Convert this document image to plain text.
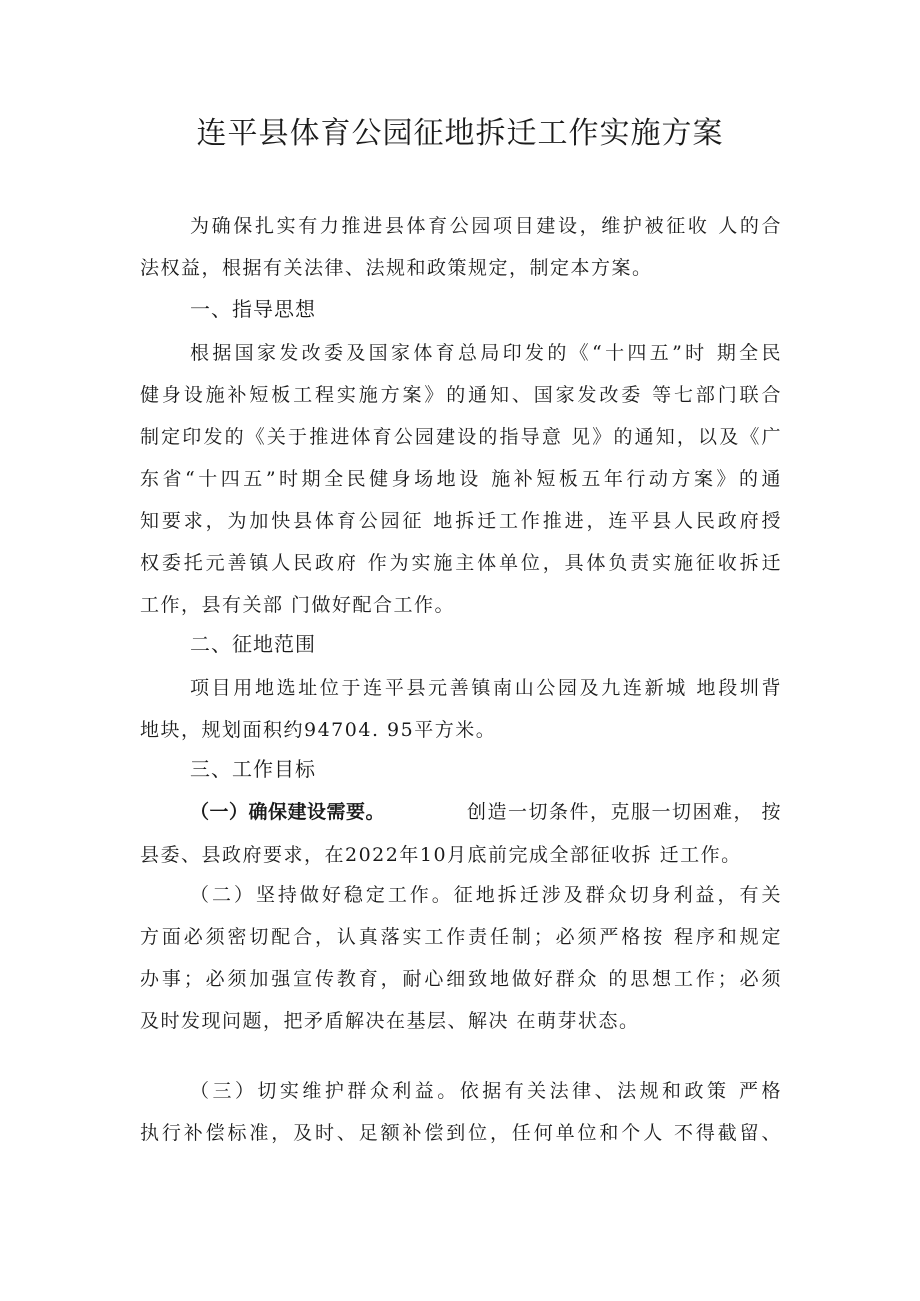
连平县体育公园征地拆迁工作实施方案

为确保扎实有力推进县体育公园项目建设，维护被征收 人的合

法权益，根据有关法律、法规和政策规定，制定本方案。

一、指导思想

根据国家发改委及国家体育总局印发的《“十四五”时 期全民

健身设施补短板工程实施方案》的通知、国家发改委 等七部门联合

制定印发的《关于推进体育公园建设的指导意 见》的通知，以及《广

东省“十四五”时期全民健身场地设 施补短板五年行动方案》的通

知要求，为加快县体育公园征 地拆迁工作推进，连平县人民政府授

权委托元善镇人民政府 作为实施主体单位，具体负责实施征收拆迁

工作，县有关部 门做好配合工作。

二、征地范围

项目用地选址位于连平县元善镇南山公园及九连新城 地段圳背

地块，规划面积约94704. 95平方米。

三、工作目标

（一）确保建设需要。	创造一切条件，克服一切困难， 按

县委、县政府要求，在2022年10月底前完成全部征收拆 迁工作。

（二）坚持做好稳定工作。征地拆迁涉及群众切身利益，有关

方面必须密切配合，认真落实工作责任制；必须严格按 程序和规定

办事；必须加强宣传教育，耐心细致地做好群众 的思想工作；必须

及时发现问题，把矛盾解决在基层、解决 在萌芽状态。

（三）切实维护群众利益。依据有关法律、法规和政策 严格

执行补偿标准，及时、足额补偿到位，任何单位和个人 不得截留、
